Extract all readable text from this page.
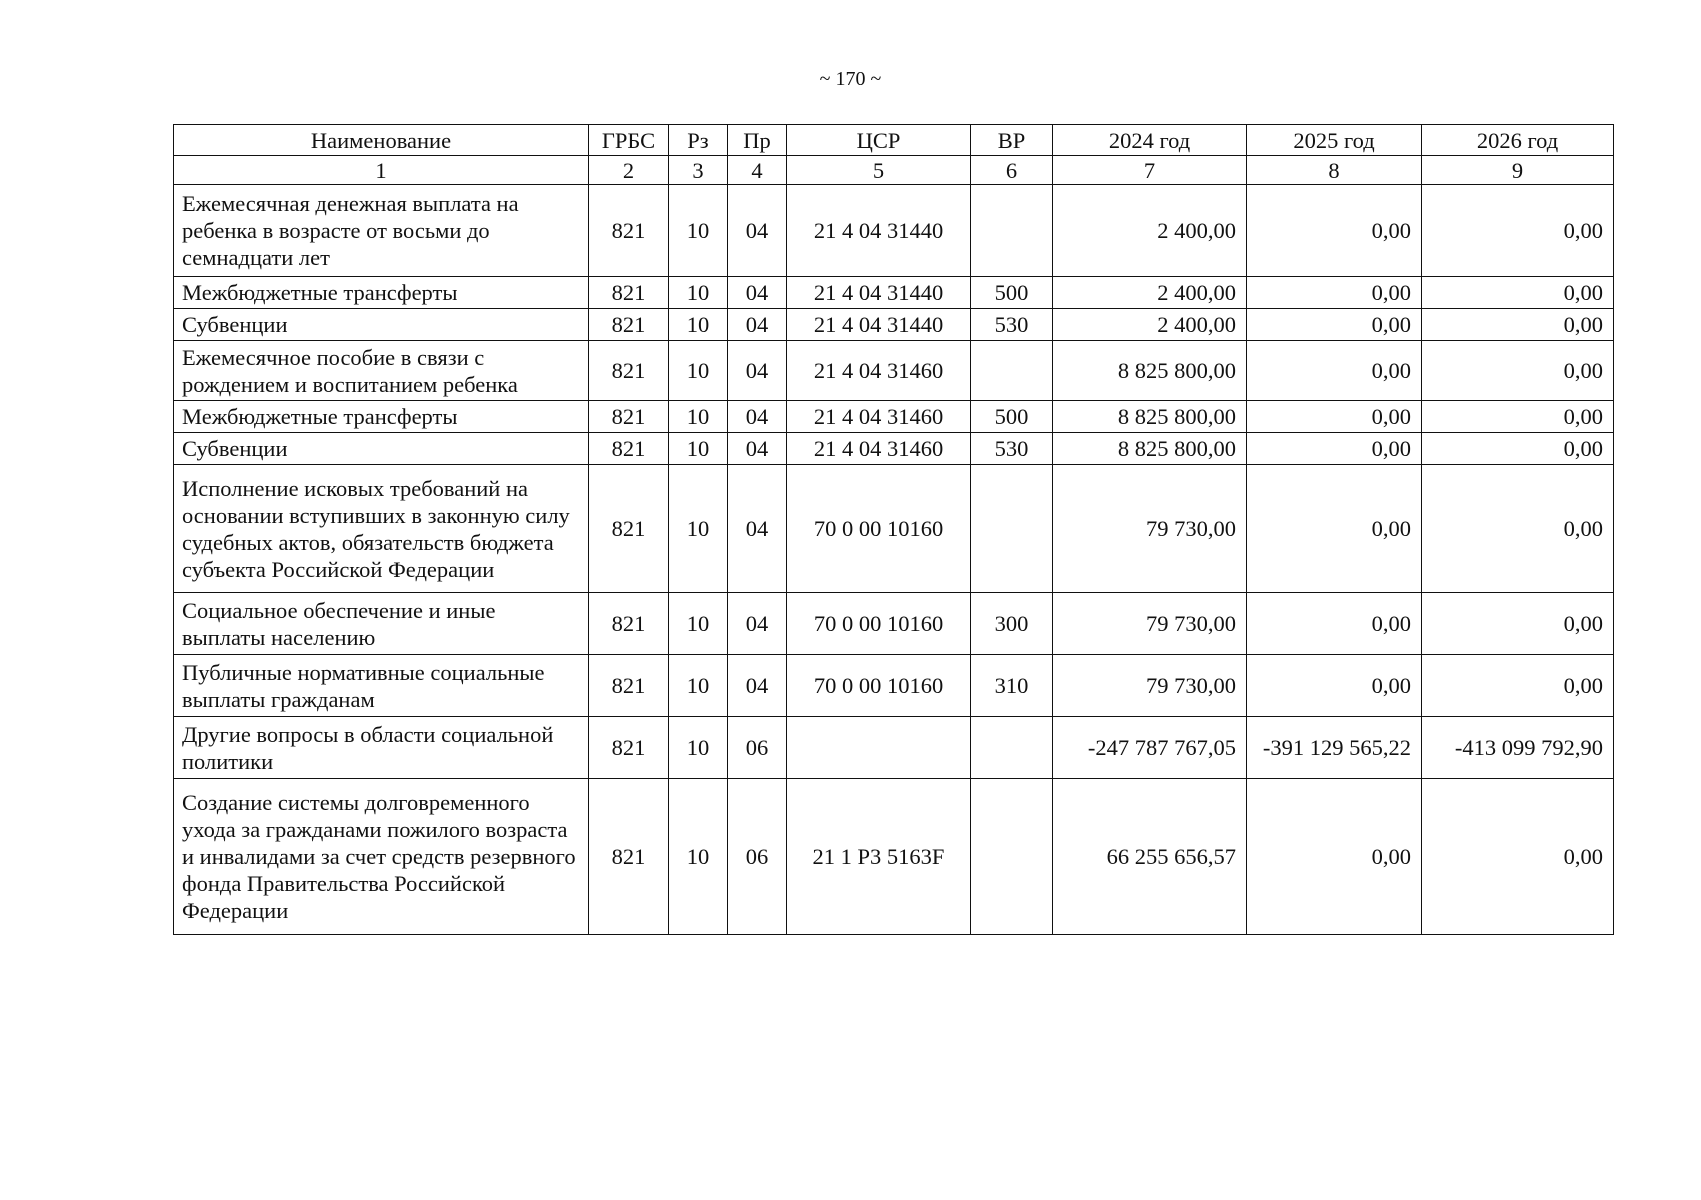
~ 170 ~
Наименование	ГРБС	Рз	Пр	ЦСР	ВР	2024 год	2025 год	2026 год
1	2	3	4	5	6	7	8	9
Ежемесячная денежная выплата на ребенка в возрасте от восьми до семнадцати лет	821	10	04	21 4 04 31440		2 400,00	0,00	0,00
Межбюджетные трансферты	821	10	04	21 4 04 31440	500	2 400,00	0,00	0,00
Субвенции	821	10	04	21 4 04 31440	530	2 400,00	0,00	0,00
Ежемесячное пособие в связи с рождением и воспитанием ребенка	821	10	04	21 4 04 31460		8 825 800,00	0,00	0,00
Межбюджетные трансферты	821	10	04	21 4 04 31460	500	8 825 800,00	0,00	0,00
Субвенции	821	10	04	21 4 04 31460	530	8 825 800,00	0,00	0,00
Исполнение исковых требований на основании вступивших в законную силу судебных актов, обязательств бюджета субъекта Российской Федерации	821	10	04	70 0 00 10160		79 730,00	0,00	0,00
Социальное обеспечение и иные выплаты населению	821	10	04	70 0 00 10160	300	79 730,00	0,00	0,00
Публичные нормативные социальные выплаты гражданам	821	10	04	70 0 00 10160	310	79 730,00	0,00	0,00
Другие вопросы в области социальной политики	821	10	06			-247 787 767,05	-391 129 565,22	-413 099 792,90
Создание системы долговременного ухода за гражданами пожилого возраста и инвалидами за счет средств резервного фонда Правительства Российской Федерации	821	10	06	21 1 P3 5163F		66 255 656,57	0,00	0,00
